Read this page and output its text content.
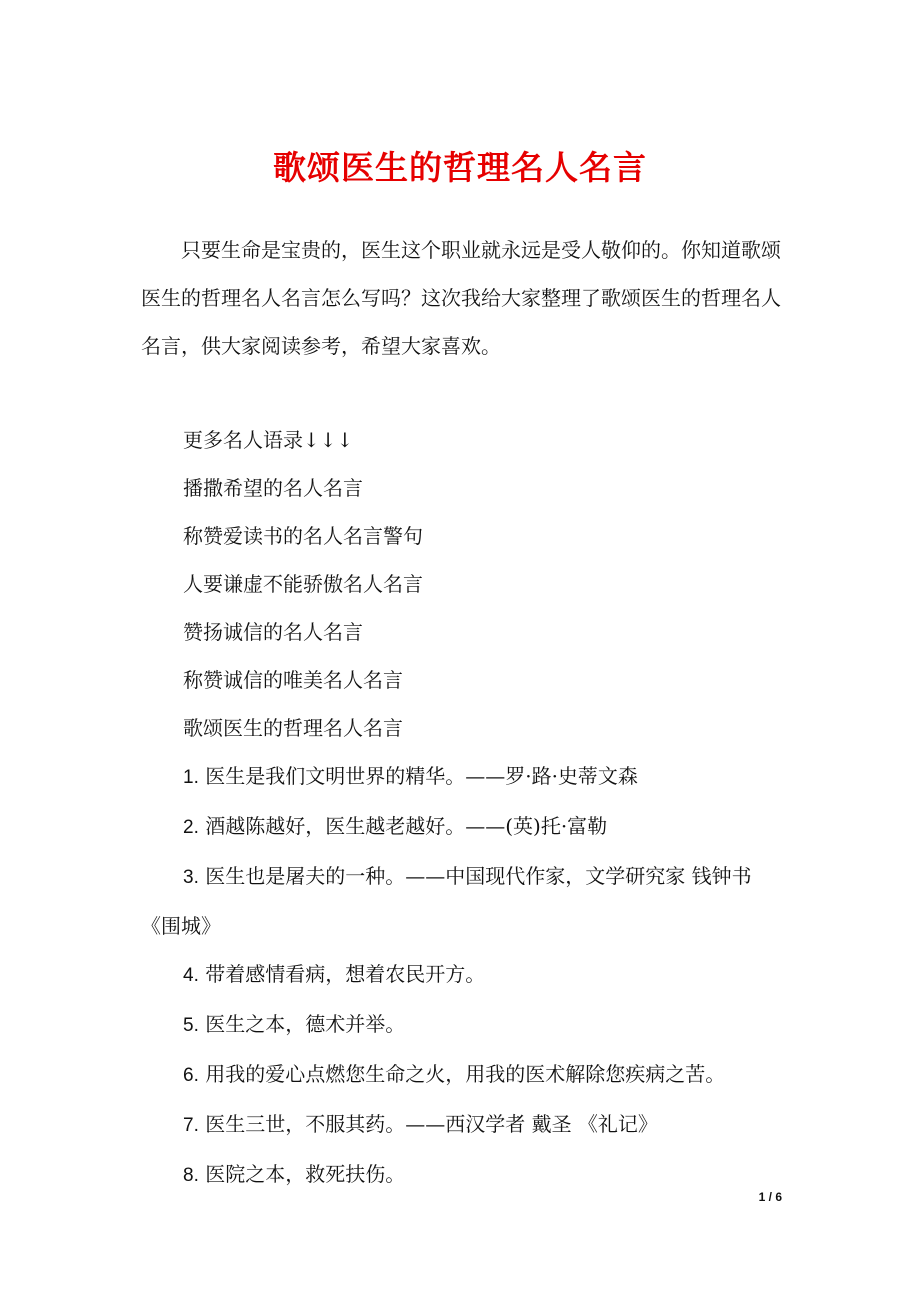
歌颂医生的哲理名人名言
只要生命是宝贵的，医生这个职业就永远是受人敬仰的。你知道歌颂医生的哲理名人名言怎么写吗？这次我给大家整理了歌颂医生的哲理名人名言，供大家阅读参考，希望大家喜欢。
更多名人语录↓↓↓
播撒希望的名人名言
称赞爱读书的名人名言警句
人要谦虚不能骄傲名人名言
赞扬诚信的名人名言
称赞诚信的唯美名人名言
歌颂医生的哲理名人名言
1. 医生是我们文明世界的精华。——罗·路·史蒂文森
2. 酒越陈越好，医生越老越好。——(英)托·富勒
3. 医生也是屠夫的一种。——中国现代作家，文学研究家 钱钟书 《围城》
4. 带着感情看病，想着农民开方。
5. 医生之本，德术并举。
6. 用我的爱心点燃您生命之火，用我的医术解除您疾病之苦。
7. 医生三世，不服其药。——西汉学者 戴圣 《礼记》
8. 医院之本，救死扶伤。
1 / 6
